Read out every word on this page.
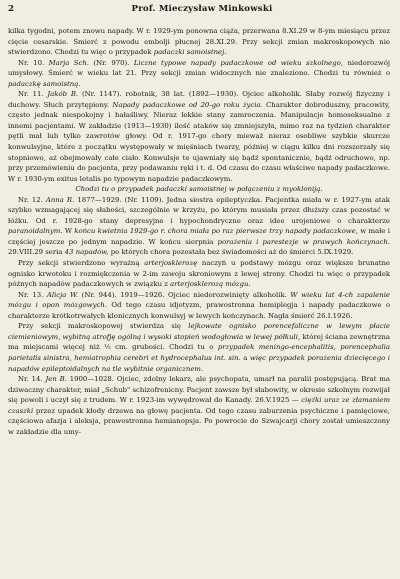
2	Prof. Mieczysław Minkowski

kilka tygodni, potem znowu napady. W r. 1929-ym ponowna ciąża, przerwana 8.XI.29 w 8-ym miesiącu przez cięcie cesarskie. Śmierć z powodu embolji płucnej 28.XI.29. Przy sekcji zmian makroskopowych nie stwierdzono. Chodzi tu więc o przypadek padaczki samoistnej.

Nr. 10. Marja Sch. (Nr. 970). Liczne typowe napady padaczkowe od wieku szkolnego, niedorozwój umysłowy. Śmierć w wieku lat 21. Przy sekcji zmian widocznych nie znaleziono. Chodzi tu również o padaczkę samoistną.

Nr. 11. Jakób B. (Nr. 1147). robotnik, 38 lat. (1892—1930). Ojciec alkoholik. Słaby rozwój fizyczny i duchowy. Słuch przytępiony. Napady padaczkowe od 20-go roku życia. Charakter dobroduszny, pracowity, często jednak niespokojny i hałaśliwy. Nieraz lekkie stany zamroczenia. Manipulacje homoseksualne z innemi pacjentami. W zakładzie (1913—1930) ilość ataków się zmniejszyła, mimo raz na tydzień charakter pętli mał lub tylko zawrotów głowy. Od r. 1917-go chory mieważ nieraz osobliwe szybkie skurcze konwulsyjne, które z początku występowały w mięśniach twarzy, później w ciągu kilku dni rozszerzały się stopniowo, aż obejmowały całe ciało. Konwulsje te ujawniały się bądź spontanicznie, bądź odruchowo, np. przy przemówieniu do pacjenta, przy podawaniu ręki i t. d. Od czasu do czasu właściwe napady padaczkowe. W r. 1930-ym exitus letalis po typowym napadzie padaczkowym.

Chodzi tu o przypadek padaczki samoistnej w połączeniu z myokloniją.

Nr. 12. Anna R. 1877—1929. (Nr. 1109). Jedna siostra epileptyczka. Pacjentka miała w r. 1927-ym atak szybko wzmagającej się słabości, szczególnie w krzyżu, po którym musiała przez dłuższy czas pozostać w łóżku. Od r. 1928-go stany depresyjne i hypochondryczne oraz idee urojeniowe o charakterze paranoidalnym. W końcu kwietnia 1929-go r. chora miała po raz pierwsze trzy napady padaczkowe, w małe i częściej jeszcze po jednym napadzie. W końcu sierpnia porażenia i parestezje w prawych kończynach. 29.VIII.29 seria 43 napadów, po których chora pozostała bez świadomości aż do śmierci 5.IX.1929.

Przy sekcji stwierdzono wyraźną arterjosklerozę naczyń u podstawy mózgu oraz większe brunatne ognisko krwotoku i rozmiękczenia w 2-im zawoju skroniowym z lewej strony. Chodzi tu więc o przypadek późnych napadów padaczkowych w związku z arterjosklerozą mózgu.

Nr. 13. Alicja W. (Nr. 944). 1919—1926. Ojciec niedorozwinięty alkoholik. W wieku lat 4-ch zapalenie mózgu i opon mózgowych. Od tego czasu idjotyzm, prawostronna hemiplegja i napady padaczkowe o charakterze krótkotrwałych klonicznych konwulsyj w lewych kończynach. Nagła śmierć 26.I.1926.

Przy sekcji makroskopowej stwierdza się lejkowate ognisko porencefaliczne w lewym płacie ciemieniowym, wybitną atrofję ogólną i wysoki stopień wodogłowia w lewej półkuli, której ściana zewnętrzna ma miejscami więcej niż ½ cm. grubości. Chodzi tu o przypadek meningo-encephalitis, porencephalia parietalis sinistra, hemiatrophia cerebri et hydrocephalus int. sin. a więc przypadek porażenia dziecięcego i napadów epileptoidalnych na tle wybitnie organicznem.

Nr. 14. Jen B. 1900—1028. Ojciec, zdolny lekarz, ale psychopata, umarł na paralii postępującą. Brat ma dziwaczny charakter, miał „Schub" schizofrenicny. Pacjent zawsze był słabowity, w okresie szkolnym rozwijał się powoli i uczył się z trudem. W r. 1923-im wywędrował do Kanady. 26.V.1925 — cięźki uraz ze złamaniem czaszki przez upadek kłody drzewa na głowę pacjenta. Od tego czasu zaburzenia psychiczne i pamięciowe, częściowa afazja i aleksja, prawostronna hemianopsja. Po powrocie do Szwajcarji chory został umieszczony w zakładzie dla umy-
